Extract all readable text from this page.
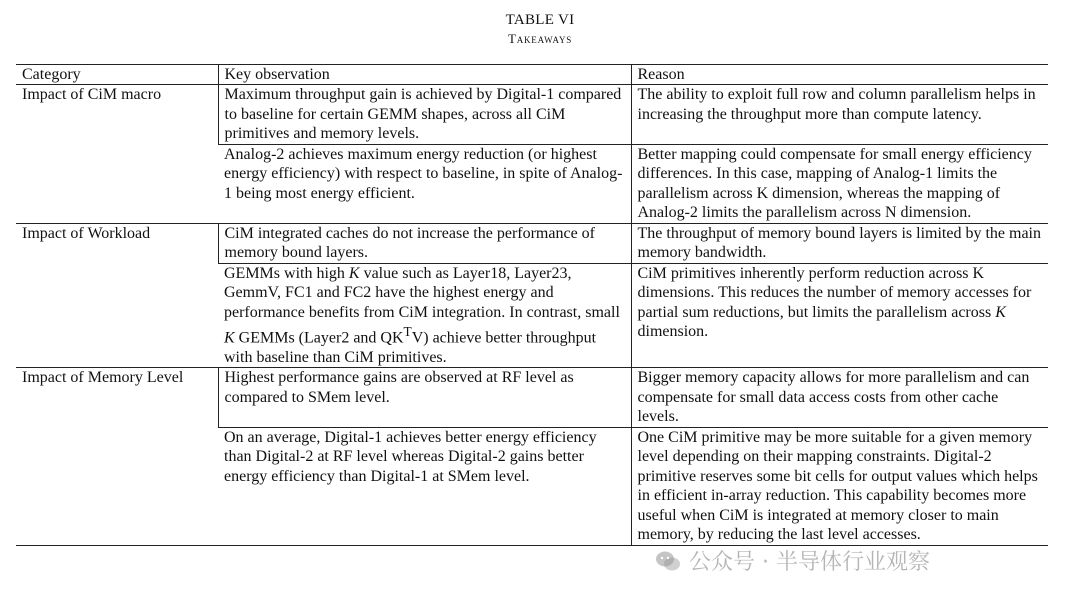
TABLE VI
Takeaways
Category	Key observation	Reason
Impact of CiM macro	Maximum throughput gain is achieved by Digital-1 compared to baseline for certain GEMM shapes, across all CiM primitives and memory levels.	The ability to exploit full row and column parallelism helps in increasing the throughput more than compute latency.
	Analog-2 achieves maximum energy reduction (or highest energy efficiency) with respect to baseline, in spite of Analog-1 being most energy efficient.	Better mapping could compensate for small energy efficiency differences. In this case, mapping of Analog-1 limits the parallelism across K dimension, whereas the mapping of Analog-2 limits the parallelism across N dimension.
Impact of Workload	CiM integrated caches do not increase the performance of memory bound layers.	The throughput of memory bound layers is limited by the main memory bandwidth.
	GEMMs with high K value such as Layer18, Layer23, GemmV, FC1 and FC2 have the highest energy and performance benefits from CiM integration. In contrast, small K GEMMs (Layer2 and $QK^TV$) achieve better throughput with baseline than CiM primitives.	CiM primitives inherently perform reduction across K dimensions. This reduces the number of memory accesses for partial sum reductions, but limits the parallelism across K dimension.
Impact of Memory Level	Highest performance gains are observed at RF level as compared to SMem level.	Bigger memory capacity allows for more parallelism and can compensate for small data access costs from other cache levels.
	On an average, Digital-1 achieves better energy efficiency than Digital-2 at RF level whereas Digital-2 gains better energy efficiency than Digital-1 at SMem level.	One CiM primitive may be more suitable for a given memory level depending on their mapping constraints. Digital-2 primitive reserves some bit cells for output values which helps in efficient in-array reduction. This capability becomes more useful when CiM is integrated at memory closer to main memory, by reducing the last level accesses.
公众号 · 半导体行业观察
